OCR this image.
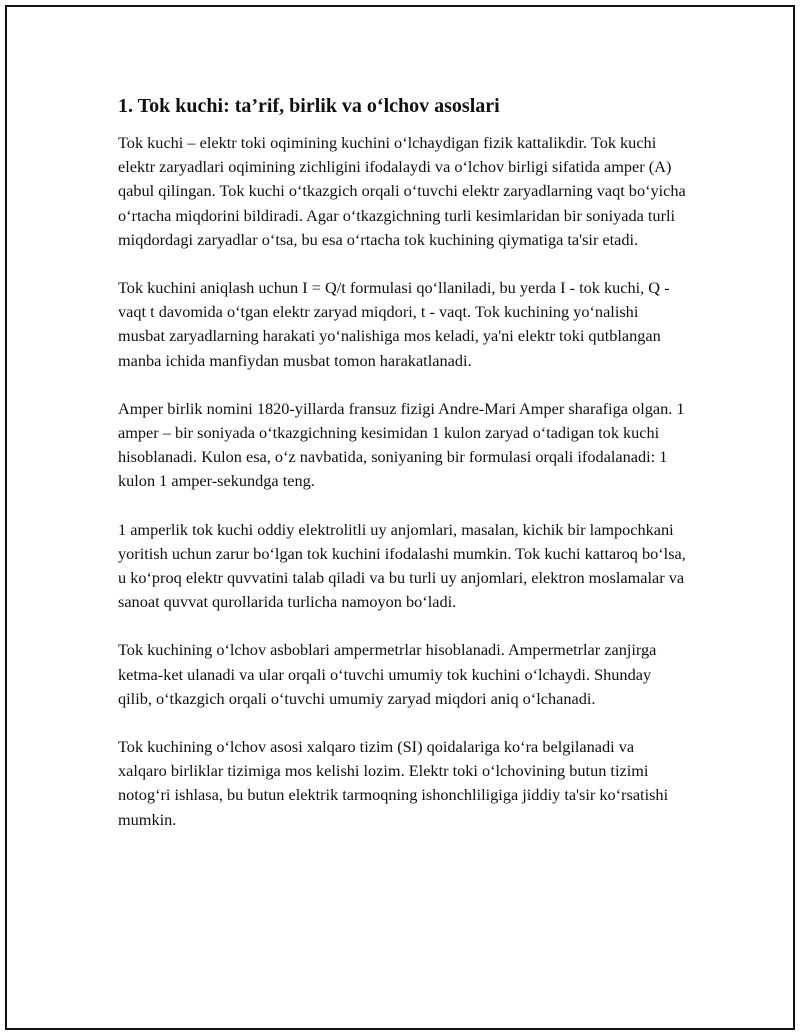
1. Tok kuchi: ta’rif, birlik va o‘lchov asoslari

Tok kuchi – elektr toki oqimining kuchini o‘lchaydigan fizik kattalikdir. Tok kuchi elektr zaryadlari oqimining zichligini ifodalaydi va o‘lchov birligi sifatida amper (A) qabul qilingan. Tok kuchi o‘tkazgich orqali o‘tuvchi elektr zaryadlarning vaqt bo‘yicha o‘rtacha miqdorini bildiradi. Agar o‘tkazgichning turli kesimlaridan bir soniyada turli miqdordagi zaryadlar o‘tsa, bu esa o‘rtacha tok kuchining qiymatiga ta'sir etadi.

Tok kuchini aniqlash uchun I = Q/t formulasi qo‘llaniladi, bu yerda I - tok kuchi, Q - vaqt t davomida o‘tgan elektr zaryad miqdori, t - vaqt. Tok kuchining yo‘nalishi musbat zaryadlarning harakati yo‘nalishiga mos keladi, ya'ni elektr toki qutblangan manba ichida manfiydan musbat tomon harakatlanadi.

Amper birlik nomini 1820-yillarda fransuz fizigi Andre-Mari Amper sharafiga olgan. 1 amper – bir soniyada o‘tkazgichning kesimidan 1 kulon zaryad o‘tadigan tok kuchi hisoblanadi. Kulon esa, o‘z navbatida, soniyaning bir formulasi orqali ifodalanadi: 1 kulon 1 amper-sekundga teng.

1 amperlik tok kuchi oddiy elektrolitli uy anjomlari, masalan, kichik bir lampochkani yoritish uchun zarur bo‘lgan tok kuchini ifodalashi mumkin. Tok kuchi kattaroq bo‘lsa, u ko‘proq elektr quvvatini talab qiladi va bu turli uy anjomlari, elektron moslamalar va sanoat quvvat qurollarida turlicha namoyon bo‘ladi.

Tok kuchining o‘lchov asboblari ampermetrlar hisoblanadi. Ampermetrlar zanjirga ketma-ket ulanadi va ular orqali o‘tuvchi umumiy tok kuchini o‘lchaydi. Shunday qilib, o‘tkazgich orqali o‘tuvchi umumiy zaryad miqdori aniq o‘lchanadi.

Tok kuchining o‘lchov asosi xalqaro tizim (SI) qoidalariga ko‘ra belgilanadi va xalqaro birliklar tizimiga mos kelishi lozim. Elektr toki o‘lchovining butun tizimi notog‘ri ishlasa, bu butun elektrik tarmoqning ishonchliligiga jiddiy ta'sir ko‘rsatishi mumkin.
